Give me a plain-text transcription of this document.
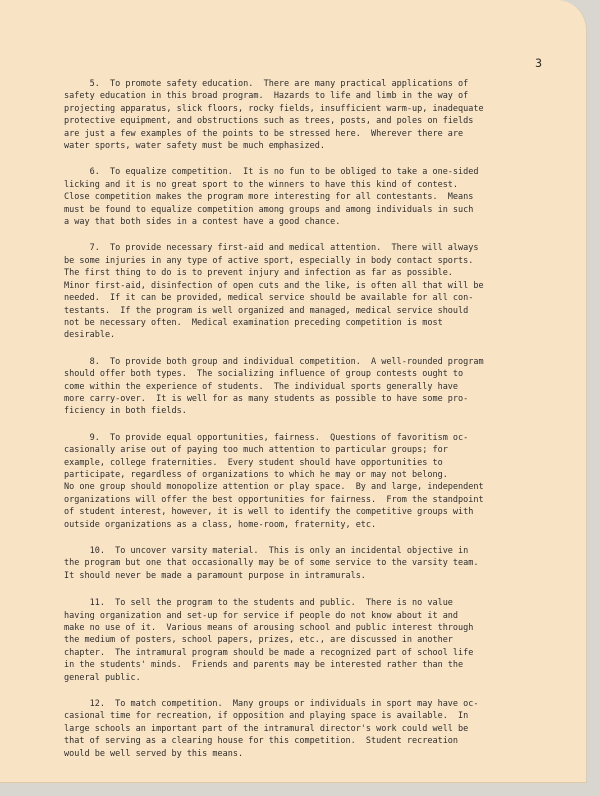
3

5.  To promote safety education.  There are many practical applications of
safety education in this broad program.  Hazards to life and limb in the way of
projecting apparatus, slick floors, rocky fields, insufficient warm-up, inadequate
protective equipment, and obstructions such as trees, posts, and poles on fields
are just a few examples of the points to be stressed here.  Wherever there are
water sports, water safety must be much emphasized.

6.  To equalize competition.  It is no fun to be obliged to take a one-sided
licking and it is no great sport to the winners to have this kind of contest.
Close competition makes the program more interesting for all contestants.  Means
must be found to equalize competition among groups and among individuals in such
a way that both sides in a contest have a good chance.

7.  To provide necessary first-aid and medical attention.  There will always
be some injuries in any type of active sport, especially in body contact sports.
The first thing to do is to prevent injury and infection as far as possible.
Minor first-aid, disinfection of open cuts and the like, is often all that will be
needed.  If it can be provided, medical service should be available for all con-
testants.  If the program is well organized and managed, medical service should
not be necessary often.  Medical examination preceding competition is most
desirable.

8.  To provide both group and individual competition.  A well-rounded program
should offer both types.  The socializing influence of group contests ought to
come within the experience of students.  The individual sports generally have
more carry-over.  It is well for as many students as possible to have some pro-
ficiency in both fields.

9.  To provide equal opportunities, fairness.  Questions of favoritism oc-
casionally arise out of paying too much attention to particular groups; for
example, college fraternities.  Every student should have opportunities to
participate, regardless of organizations to which he may or may not belong.
No one group should monopolize attention or play space.  By and large, independent
organizations will offer the best opportunities for fairness.  From the standpoint
of student interest, however, it is well to identify the competitive groups with
outside organizations as a class, home-room, fraternity, etc.

10.  To uncover varsity material.  This is only an incidental objective in
the program but one that occasionally may be of some service to the varsity team.
It should never be made a paramount purpose in intramurals.

11.  To sell the program to the students and public.  There is no value
having organization and set-up for service if people do not know about it and
make no use of it.  Various means of arousing school and public interest through
the medium of posters, school papers, prizes, etc., are discussed in another
chapter.  The intramural program should be made a recognized part of school life
in the students' minds.  Friends and parents may be interested rather than the
general public.

12.  To match competition.  Many groups or individuals in sport may have oc-
casional time for recreation, if opposition and playing space is available.  In
large schools an important part of the intramural director's work could well be
that of serving as a clearing house for this competition.  Student recreation
would be well served by this means.
